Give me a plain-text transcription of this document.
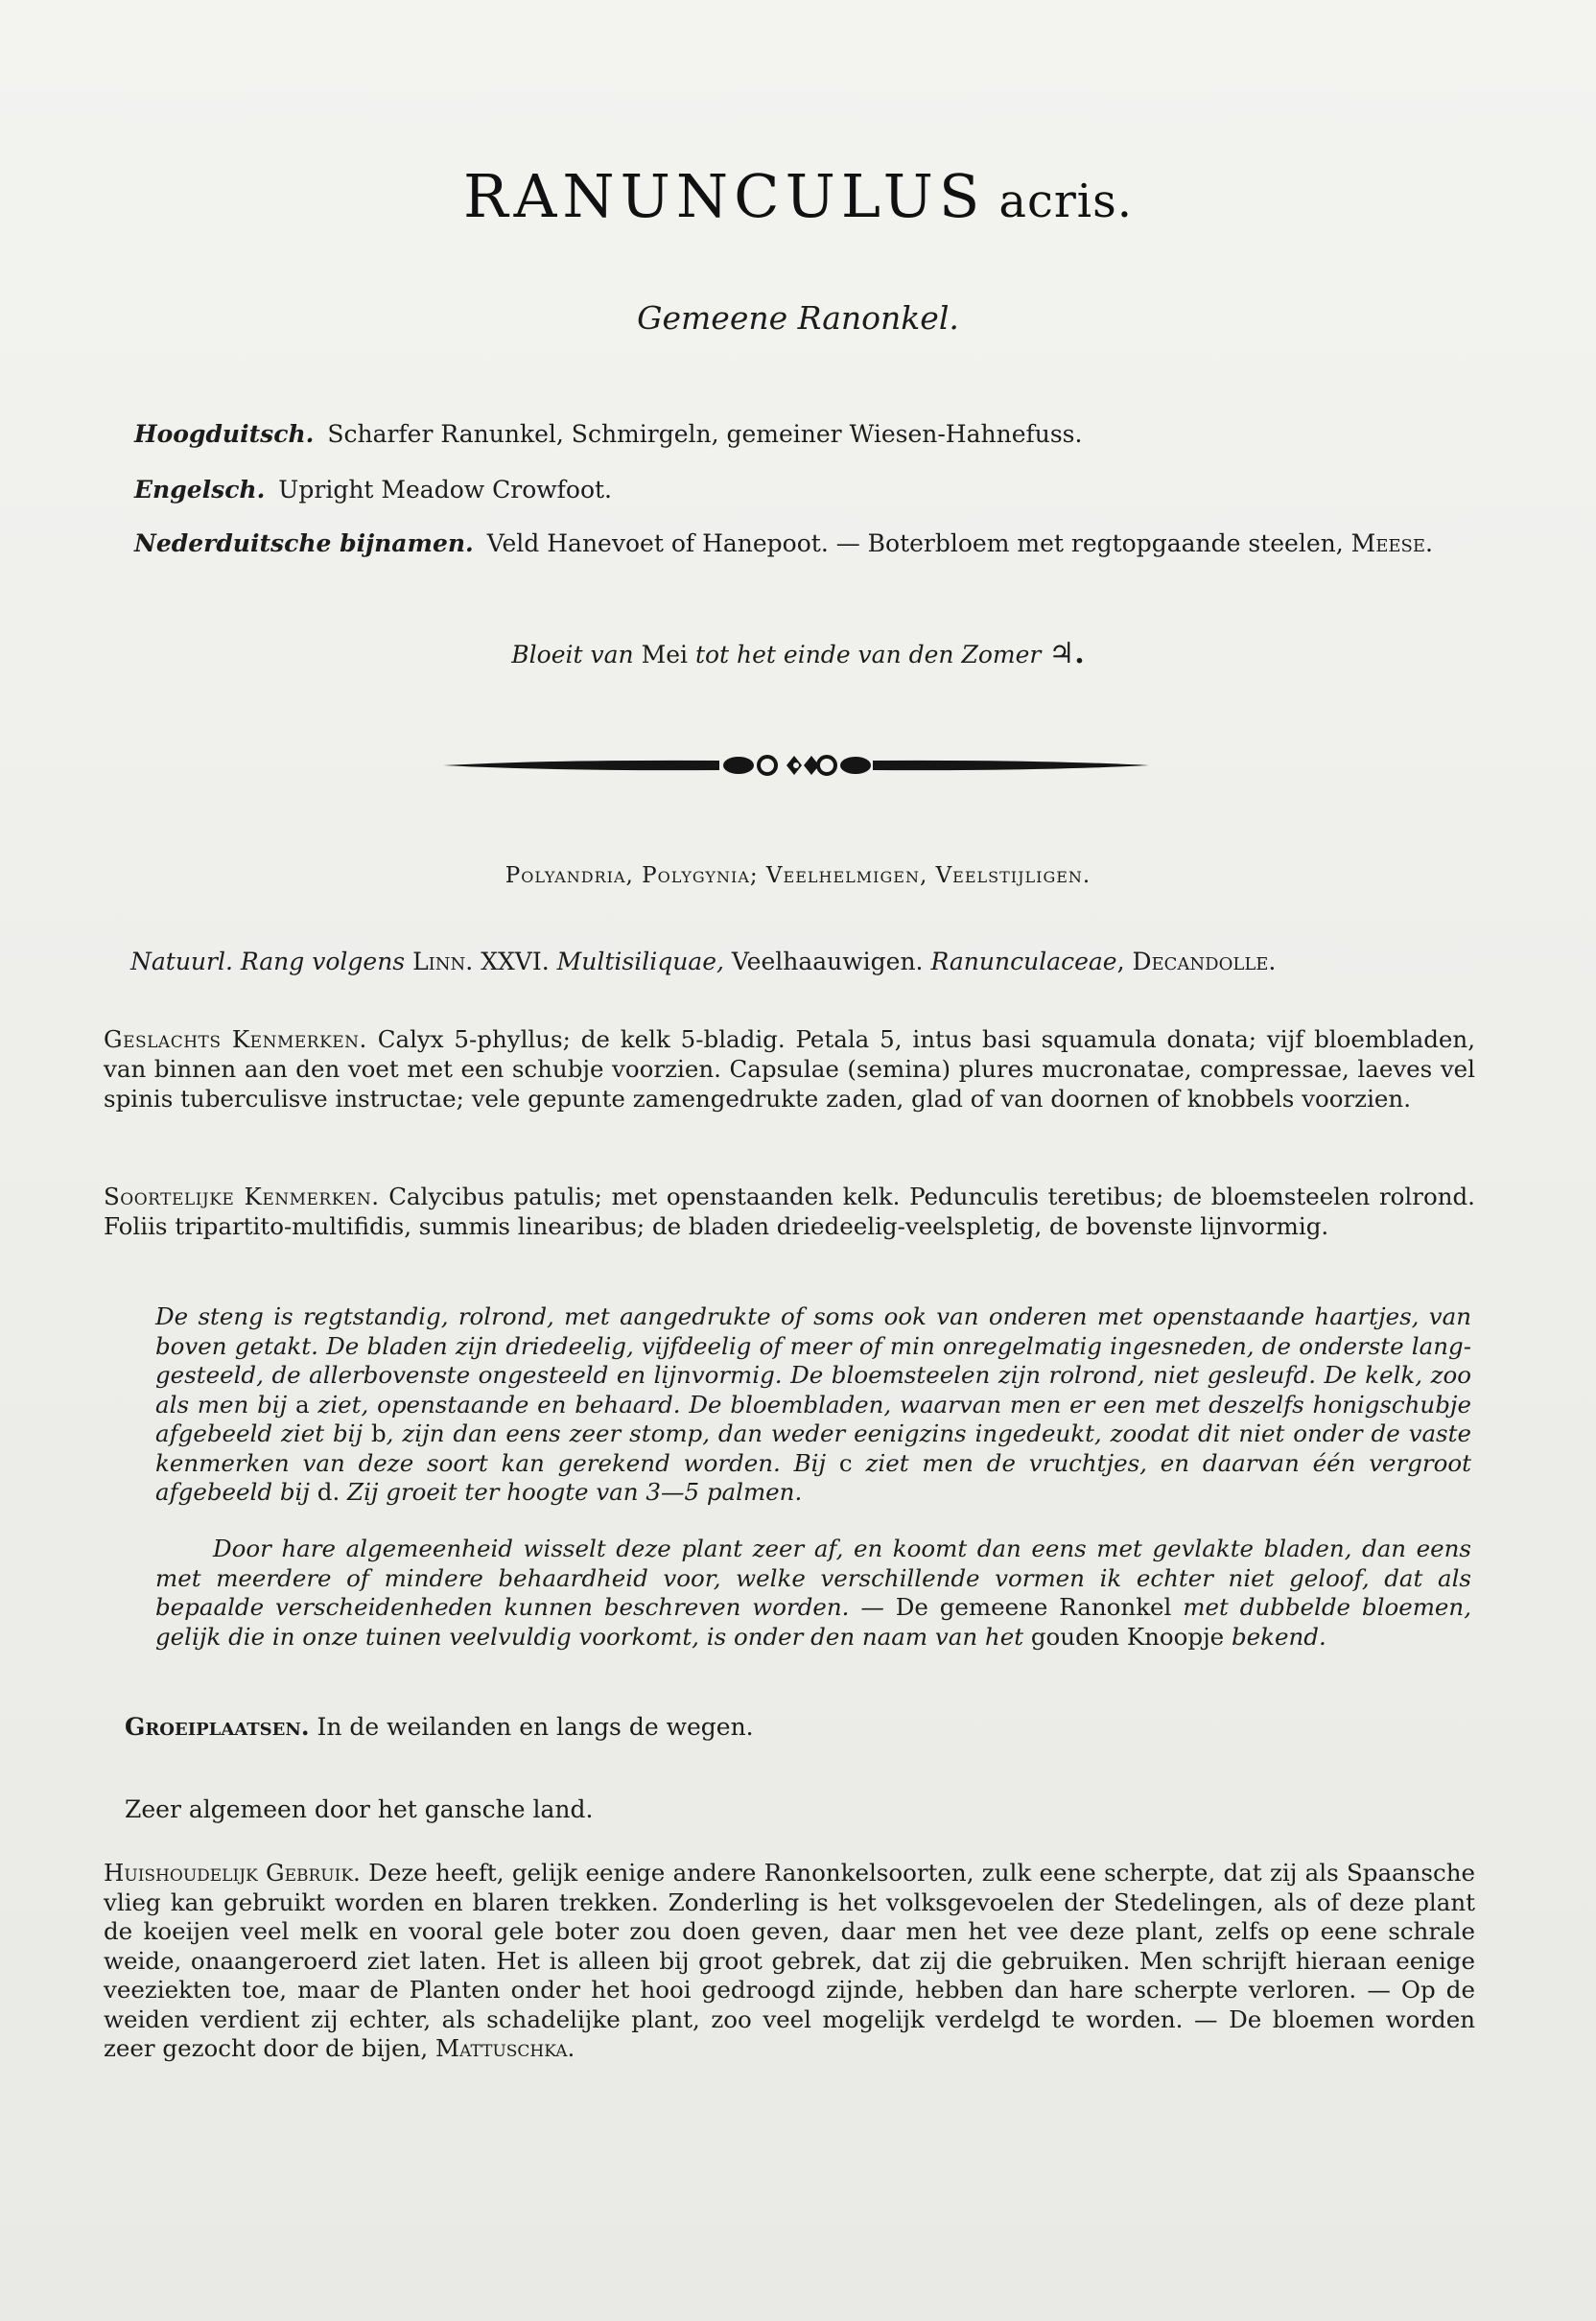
RANUNCULUS acris.
Gemeene Ranonkel.
Hoogduitsch. Scharfer Ranunkel, Schmirgeln, gemeiner Wiesen-Hahnefuss.
Engelsch. Upright Meadow Crowfoot.
Nederduitsche bijnamen. Veld Hanevoet of Hanepoot. — Boterbloem met regtopgaande steelen, Meese.
Bloeit van Mei tot het einde van den Zomer ♃.
Polyandria, Polygynia; Veelhelmigen, Veelstijligen.
Natuurl. Rang volgens Linn. XXVI. Multisiliquae, Veelhaauwigen. Ranunculaceae, Decandolle.
Geslachts Kenmerken. Calyx 5-phyllus; de kelk 5-bladig. Petala 5, intus basi squamula donata; vijf bloembladen, van binnen aan den voet met een schubje voorzien. Capsulae (semina) plures mucronatae, compressae, laeves vel spinis tuberculisve instructae; vele gepunte zamengedrukte zaden, glad of van doornen of knobbels voorzien.
Soortelijke Kenmerken. Calycibus patulis; met openstaanden kelk. Pedunculis teretibus; de bloemsteelen rolrond. Foliis tripartito-multifidis, summis linearibus; de bladen driedeelig-veelspletig, de bovenste lijnvormig.
De steng is regtstandig, rolrond, met aangedrukte of soms ook van onderen met openstaande haartjes, van boven getakt. De bladen zijn driedeelig, vijfdeelig of meer of min onregelmatig ingesneden, de onderste lang-gesteeld, de allerbovenste ongesteeld en lijnvormig. De bloemsteelen zijn rolrond, niet gesleufd. De kelk, zoo als men bij a ziet, openstaande en behaard. De bloembladen, waarvan men er een met deszelfs honigschubje afgebeeld ziet bij b, zijn dan eens zeer stomp, dan weder eenigzins ingedeukt, zoodat dit niet onder de vaste kenmerken van deze soort kan gerekend worden. Bij c ziet men de vruchtjes, en daarvan één vergroot afgebeeld bij d. Zij groeit ter hoogte van 3—5 palmen.
Door hare algemeenheid wisselt deze plant zeer af, en koomt dan eens met gevlakte bladen, dan eens met meerdere of mindere behaardheid voor, welke verschillende vormen ik echter niet geloof, dat als bepaalde verscheidenheden kunnen beschreven worden. — De gemeene Ranonkel met dubbelde bloemen, gelijk die in onze tuinen veelvuldig voorkomt, is onder den naam van het gouden Knoopje bekend.
Groeiplaatsen. In de weilanden en langs de wegen.
Zeer algemeen door het gansche land.
Huishoudelijk Gebruik. Deze heeft, gelijk eenige andere Ranonkelsoorten, zulk eene scherpte, dat zij als Spaansche vlieg kan gebruikt worden en blaren trekken. Zonderling is het volksgevoelen der Stedelingen, als of deze plant de koeijen veel melk en vooral gele boter zou doen geven, daar men het vee deze plant, zelfs op eene schrale weide, onaangeroerd ziet laten. Het is alleen bij groot gebrek, dat zij die gebruiken. Men schrijft hieraan eenige veeziekten toe, maar de Planten onder het hooi gedroogd zijnde, hebben dan hare scherpte verloren. — Op de weiden verdient zij echter, als schadelijke plant, zoo veel mogelijk verdelgd te worden. — De bloemen worden zeer gezocht door de bijen, Mattuschka.
